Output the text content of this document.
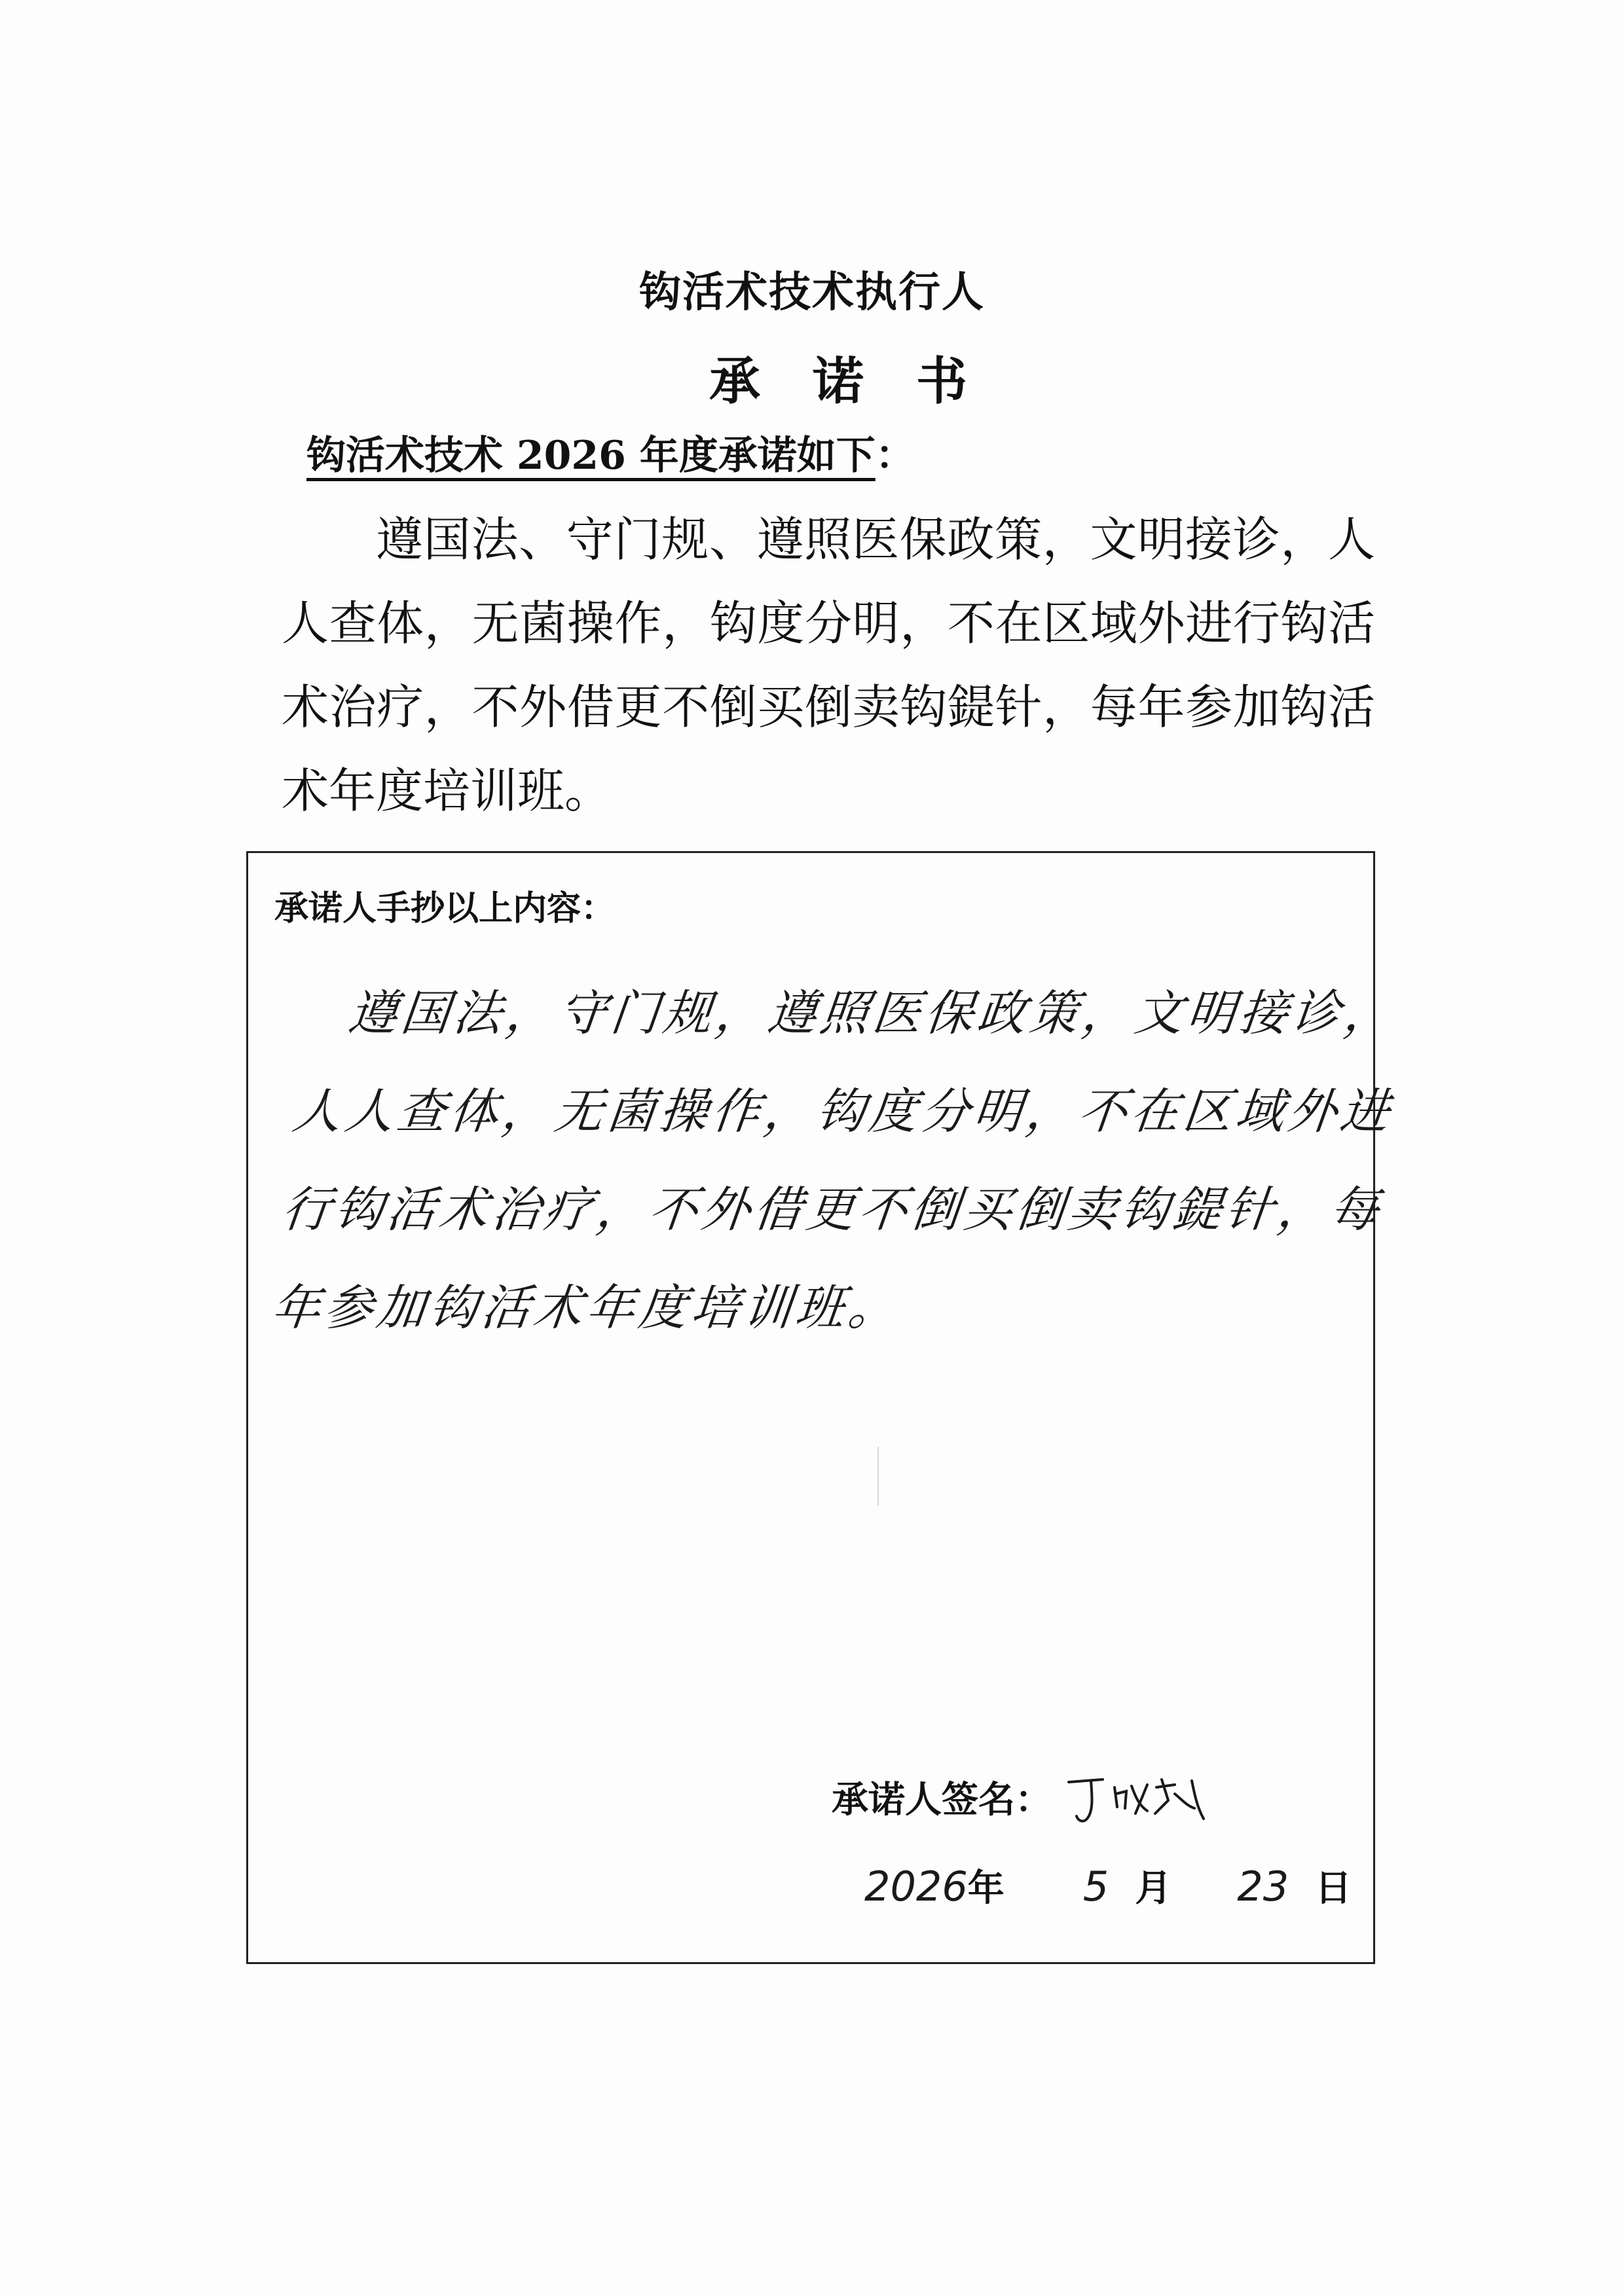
钩活术技术执行人
承诺书
钩活术技术 2026 年度承诺如下：

遵国法、守门规、遵照医保政策，文明接诊，人人查体，无菌操作，钩度分明，不在区域外进行钩活术治疗，不外借更不倒买倒卖钩鍉针，每年参加钩活术年度培训班。

承诺人手抄以上内容：
遵国法，守门规，遵照医保政策，文明接诊，
人人查体，无菌操作，钩度分明，不在区域外进
行钩活术治疗，不外借更不倒买倒卖钩鍉针，每
年参加钩活术年度培训班。
承诺人签名：
2026 年 5 月 23 日
